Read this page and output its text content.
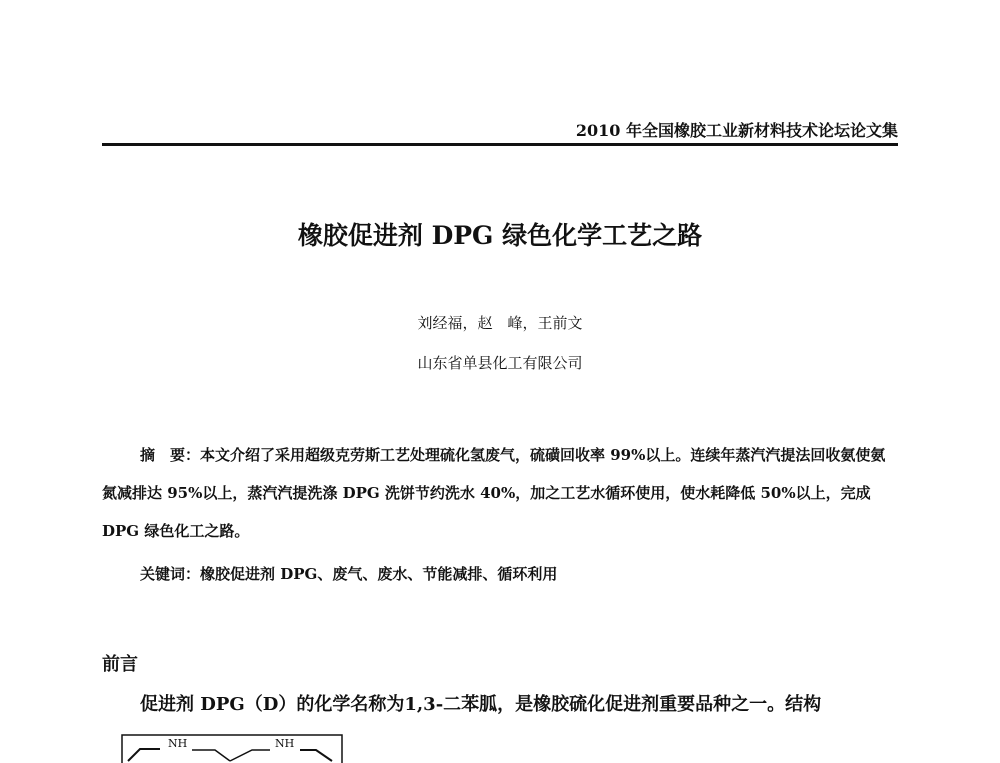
2010 年全国橡胶工业新材料技术论坛论文集
橡胶促进剂 DPG 绿色化学工艺之路
刘经福，赵　峰，王前文
山东省单县化工有限公司

摘　要：本文介绍了采用超级克劳斯工艺处理硫化氢废气，硫磺回收率 99%以上。连续年蒸汽汽提法回收氨使氨氮减排达 95%以上，蒸汽汽提洗涤 DPG 洗饼节约洗水 40%，加之工艺水循环使用，使水耗降低 50%以上，完成 DPG 绿色化工之路。

关键词：橡胶促进剂 DPG、废气、废水、节能减排、循环利用
前言
促进剂 DPG（D）的化学名称为1,3-二苯胍，是橡胶硫化促进剂重要品种之一。结构
NH	NH
